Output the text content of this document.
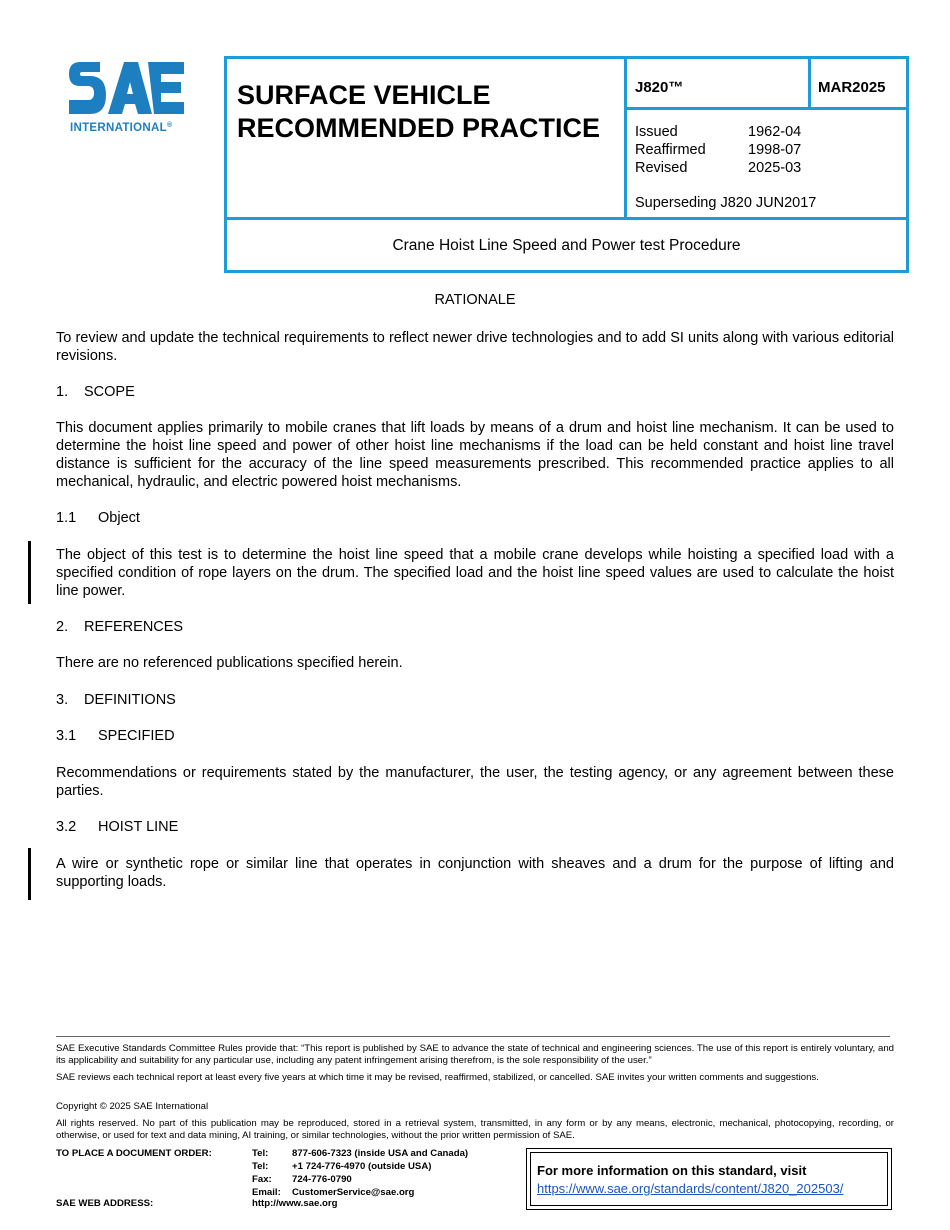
INTERNATIONAL®
SURFACE VEHICLE
RECOMMENDED PRACTICE
J820™	MAR2025
Issued	1962-04
Reaffirmed	1998-07
Revised	2025-03
Superseding J820 JUN2017
Crane Hoist Line Speed and Power test Procedure
RATIONALE
To review and update the technical requirements to reflect newer drive technologies and to add SI units along with various editorial revisions.
1. SCOPE
This document applies primarily to mobile cranes that lift loads by means of a drum and hoist line mechanism. It can be used to determine the hoist line speed and power of other hoist line mechanisms if the load can be held constant and hoist line travel distance is sufficient for the accuracy of the line speed measurements prescribed. This recommended practice applies to all mechanical, hydraulic, and electric powered hoist mechanisms.
1.1 Object
The object of this test is to determine the hoist line speed that a mobile crane develops while hoisting a specified load with a specified condition of rope layers on the drum. The specified load and the hoist line speed values are used to calculate the hoist line power.
2. REFERENCES
There are no referenced publications specified herein.
3. DEFINITIONS
3.1 SPECIFIED
Recommendations or requirements stated by the manufacturer, the user, the testing agency, or any agreement between these parties.
3.2 HOIST LINE
A wire or synthetic rope or similar line that operates in conjunction with sheaves and a drum for the purpose of lifting and supporting loads.
SAE Executive Standards Committee Rules provide that: “This report is published by SAE to advance the state of technical and engineering sciences. The use of this report is entirely voluntary, and its applicability and suitability for any particular use, including any patent infringement arising therefrom, is the sole responsibility of the user.”
SAE reviews each technical report at least every five years at which time it may be revised, reaffirmed, stabilized, or cancelled. SAE invites your written comments and suggestions.
Copyright © 2025 SAE International
All rights reserved. No part of this publication may be reproduced, stored in a retrieval system, transmitted, in any form or by any means, electronic, mechanical, photocopying, recording, or otherwise, or used for text and data mining, AI training, or similar technologies, without the prior written permission of SAE.
TO PLACE A DOCUMENT ORDER:	Tel: 877-606-7323 (inside USA and Canada)
Tel: +1 724-776-4970 (outside USA)
Fax: 724-776-0790
Email: CustomerService@sae.org
SAE WEB ADDRESS:	http://www.sae.org
For more information on this standard, visit
https://www.sae.org/standards/content/J820_202503/
